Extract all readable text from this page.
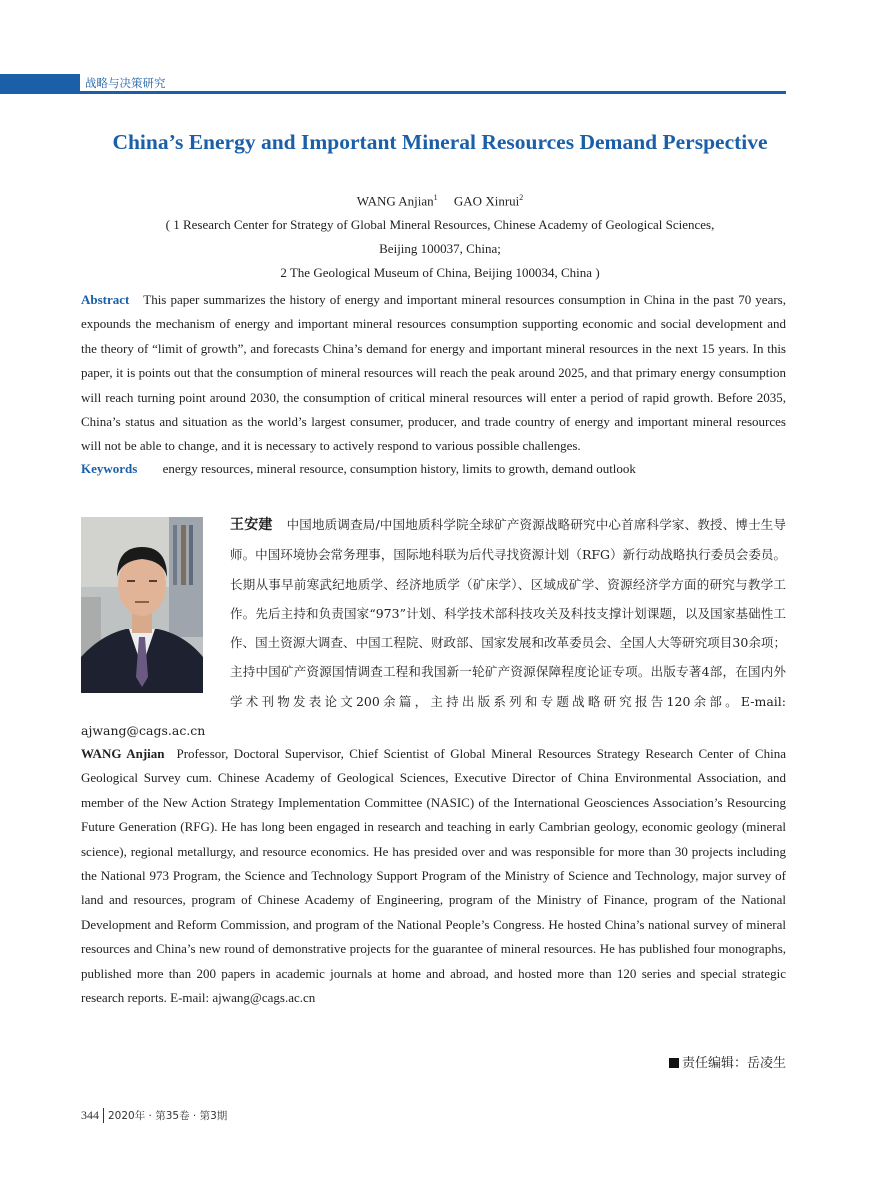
战略与决策研究
China’s Energy and Important Mineral Resources Demand Perspective
WANG Anjian$^1$ GAO Xinrui$^2$
( 1 Research Center for Strategy of Global Mineral Resources, Chinese Academy of Geological Sciences,
Beijing 100037, China;
2 The Geological Museum of China, Beijing 100034, China )
Abstract This paper summarizes the history of energy and important mineral resources consumption in China in the past 70 years, expounds the mechanism of energy and important mineral resources consumption supporting economic and social development and the theory of “limit of growth”, and forecasts China’s demand for energy and important mineral resources in the next 15 years. In this paper, it is points out that the consumption of mineral resources will reach the peak around 2025, and that primary energy consumption will reach turning point around 2030, the consumption of critical mineral resources will enter a period of rapid growth. Before 2035, China’s status and situation as the world’s largest consumer, producer, and trade country of energy and important mineral resources will not be able to change, and it is necessary to actively respond to various possible challenges.
Keywords energy resources, mineral resource, consumption history, limits to growth, demand outlook
王安建 中国地质调查局/中国地质科学院全球矿产资源战略研究中心首席科学家、教授、博士生导师。中国环境协会常务理事，国际地科联为后代寻找资源计划（RFG）新行动战略执行委员会委员。长期从事早前寒武纪地质学、经济地质学（矿床学）、区域成矿学、资源经济学方面的研究与教学工作。先后主持和负责国家“973”计划、科学技术部科技攻关及科技支撑计划课题，以及国家基础性工作、国土资源大调查、中国工程院、财政部、国家发展和改革委员会、全国人大等研究项目30余项；主持中国矿产资源国情调查工程和我国新一轮矿产资源保障程度论证专项。出版专著4部，在国内外学术刊物发表论文200余篇，主持出版系列和专题战略研究报告120余部。E-mail: ajwang@cags.ac.cn
WANG Anjian Professor, Doctoral Supervisor, Chief Scientist of Global Mineral Resources Strategy Research Center of China Geological Survey cum. Chinese Academy of Geological Sciences, Executive Director of China Environmental Association, and member of the New Action Strategy Implementation Committee (NASIC) of the International Geosciences Association’s Resourcing Future Generation (RFG). He has long been engaged in research and teaching in early Cambrian geology, economic geology (mineral science), regional metallurgy, and resource economics. He has presided over and was responsible for more than 30 projects including the National 973 Program, the Science and Technology Support Program of the Ministry of Science and Technology, major survey of land and resources, program of Chinese Academy of Engineering, program of the Ministry of Finance, program of the National Development and Reform Commission, and program of the National People’s Congress. He hosted China’s national survey of mineral resources and China’s new round of demonstrative projects for the guarantee of mineral resources. He has published four monographs, published more than 200 papers in academic journals at home and abroad, and hosted more than 120 series and special strategic research reports. E-mail: ajwang@cags.ac.cn
责任编辑：岳凌生
344 2020年 · 第35卷 · 第3期
